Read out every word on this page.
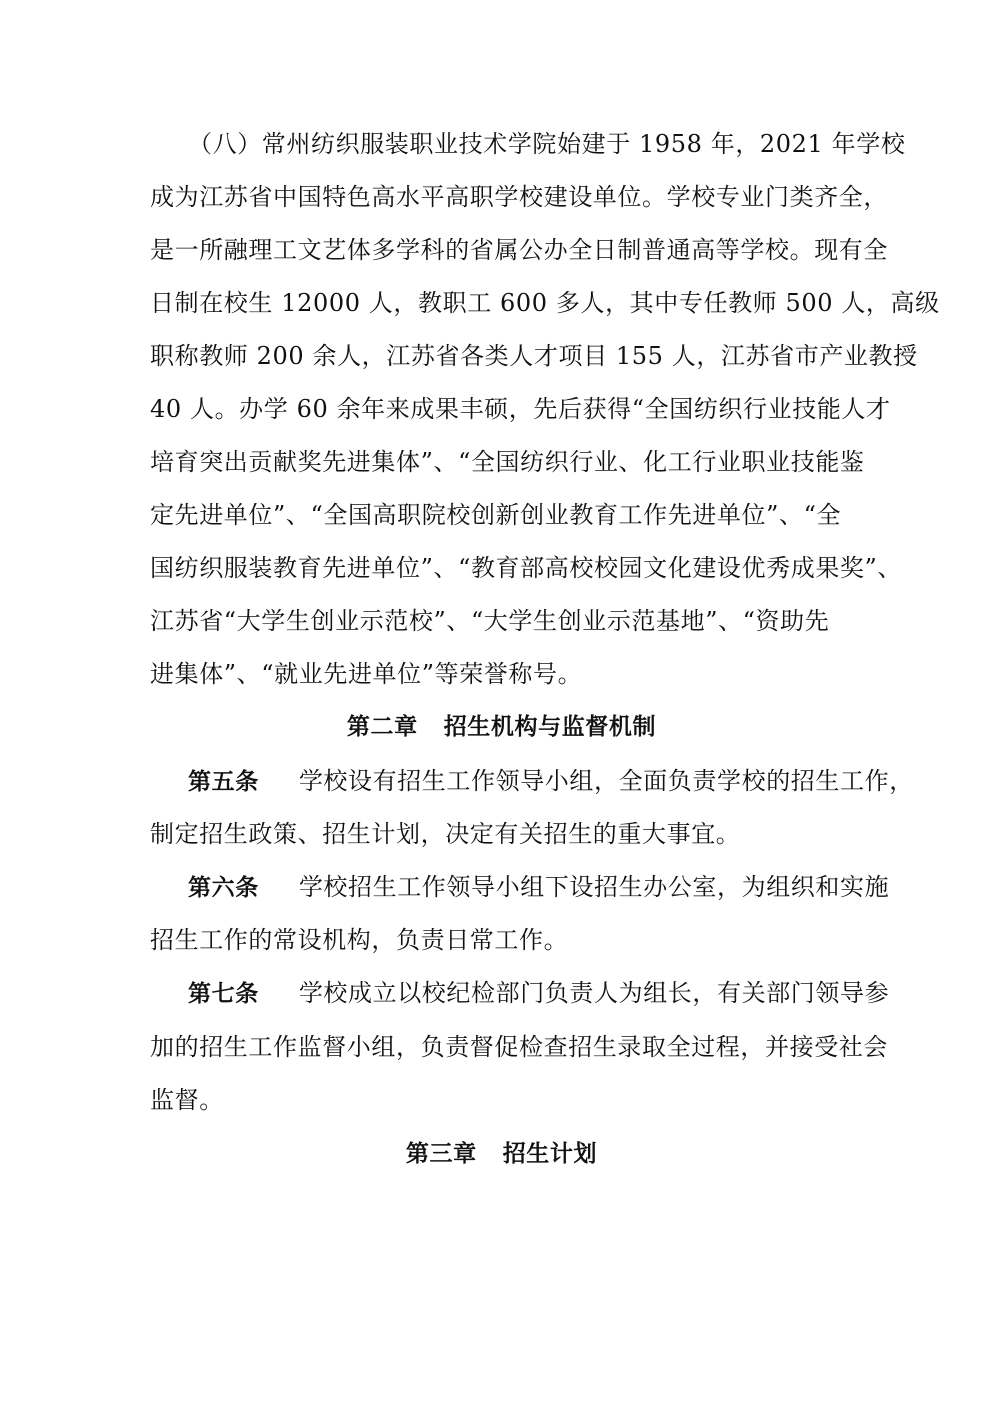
（八）常州纺织服装职业技术学院始建于 1958 年，2021 年学校
成为江苏省中国特色高水平高职学校建设单位。学校专业门类齐全，
是一所融理工文艺体多学科的省属公办全日制普通高等学校。现有全
日制在校生 12000 人，教职工 600 多人，其中专任教师 500 人，高级
职称教师 200 余人，江苏省各类人才项目 155 人，江苏省市产业教授
40 人。办学 60 余年来成果丰硕，先后获得“全国纺织行业技能人才
培育突出贡献奖先进集体”、“全国纺织行业、化工行业职业技能鉴
定先进单位”、“全国高职院校创新创业教育工作先进单位”、“全
国纺织服装教育先进单位”、“教育部高校校园文化建设优秀成果奖”、
江苏省“大学生创业示范校”、“大学生创业示范基地”、“资助先
进集体”、“就业先进单位”等荣誉称号。
第二章 招生机构与监督机制
第五条 学校设有招生工作领导小组，全面负责学校的招生工作，
制定招生政策、招生计划，决定有关招生的重大事宜。
第六条 学校招生工作领导小组下设招生办公室，为组织和实施
招生工作的常设机构，负责日常工作。
第七条 学校成立以校纪检部门负责人为组长，有关部门领导参
加的招生工作监督小组，负责督促检查招生录取全过程，并接受社会
监督。
第三章 招生计划
